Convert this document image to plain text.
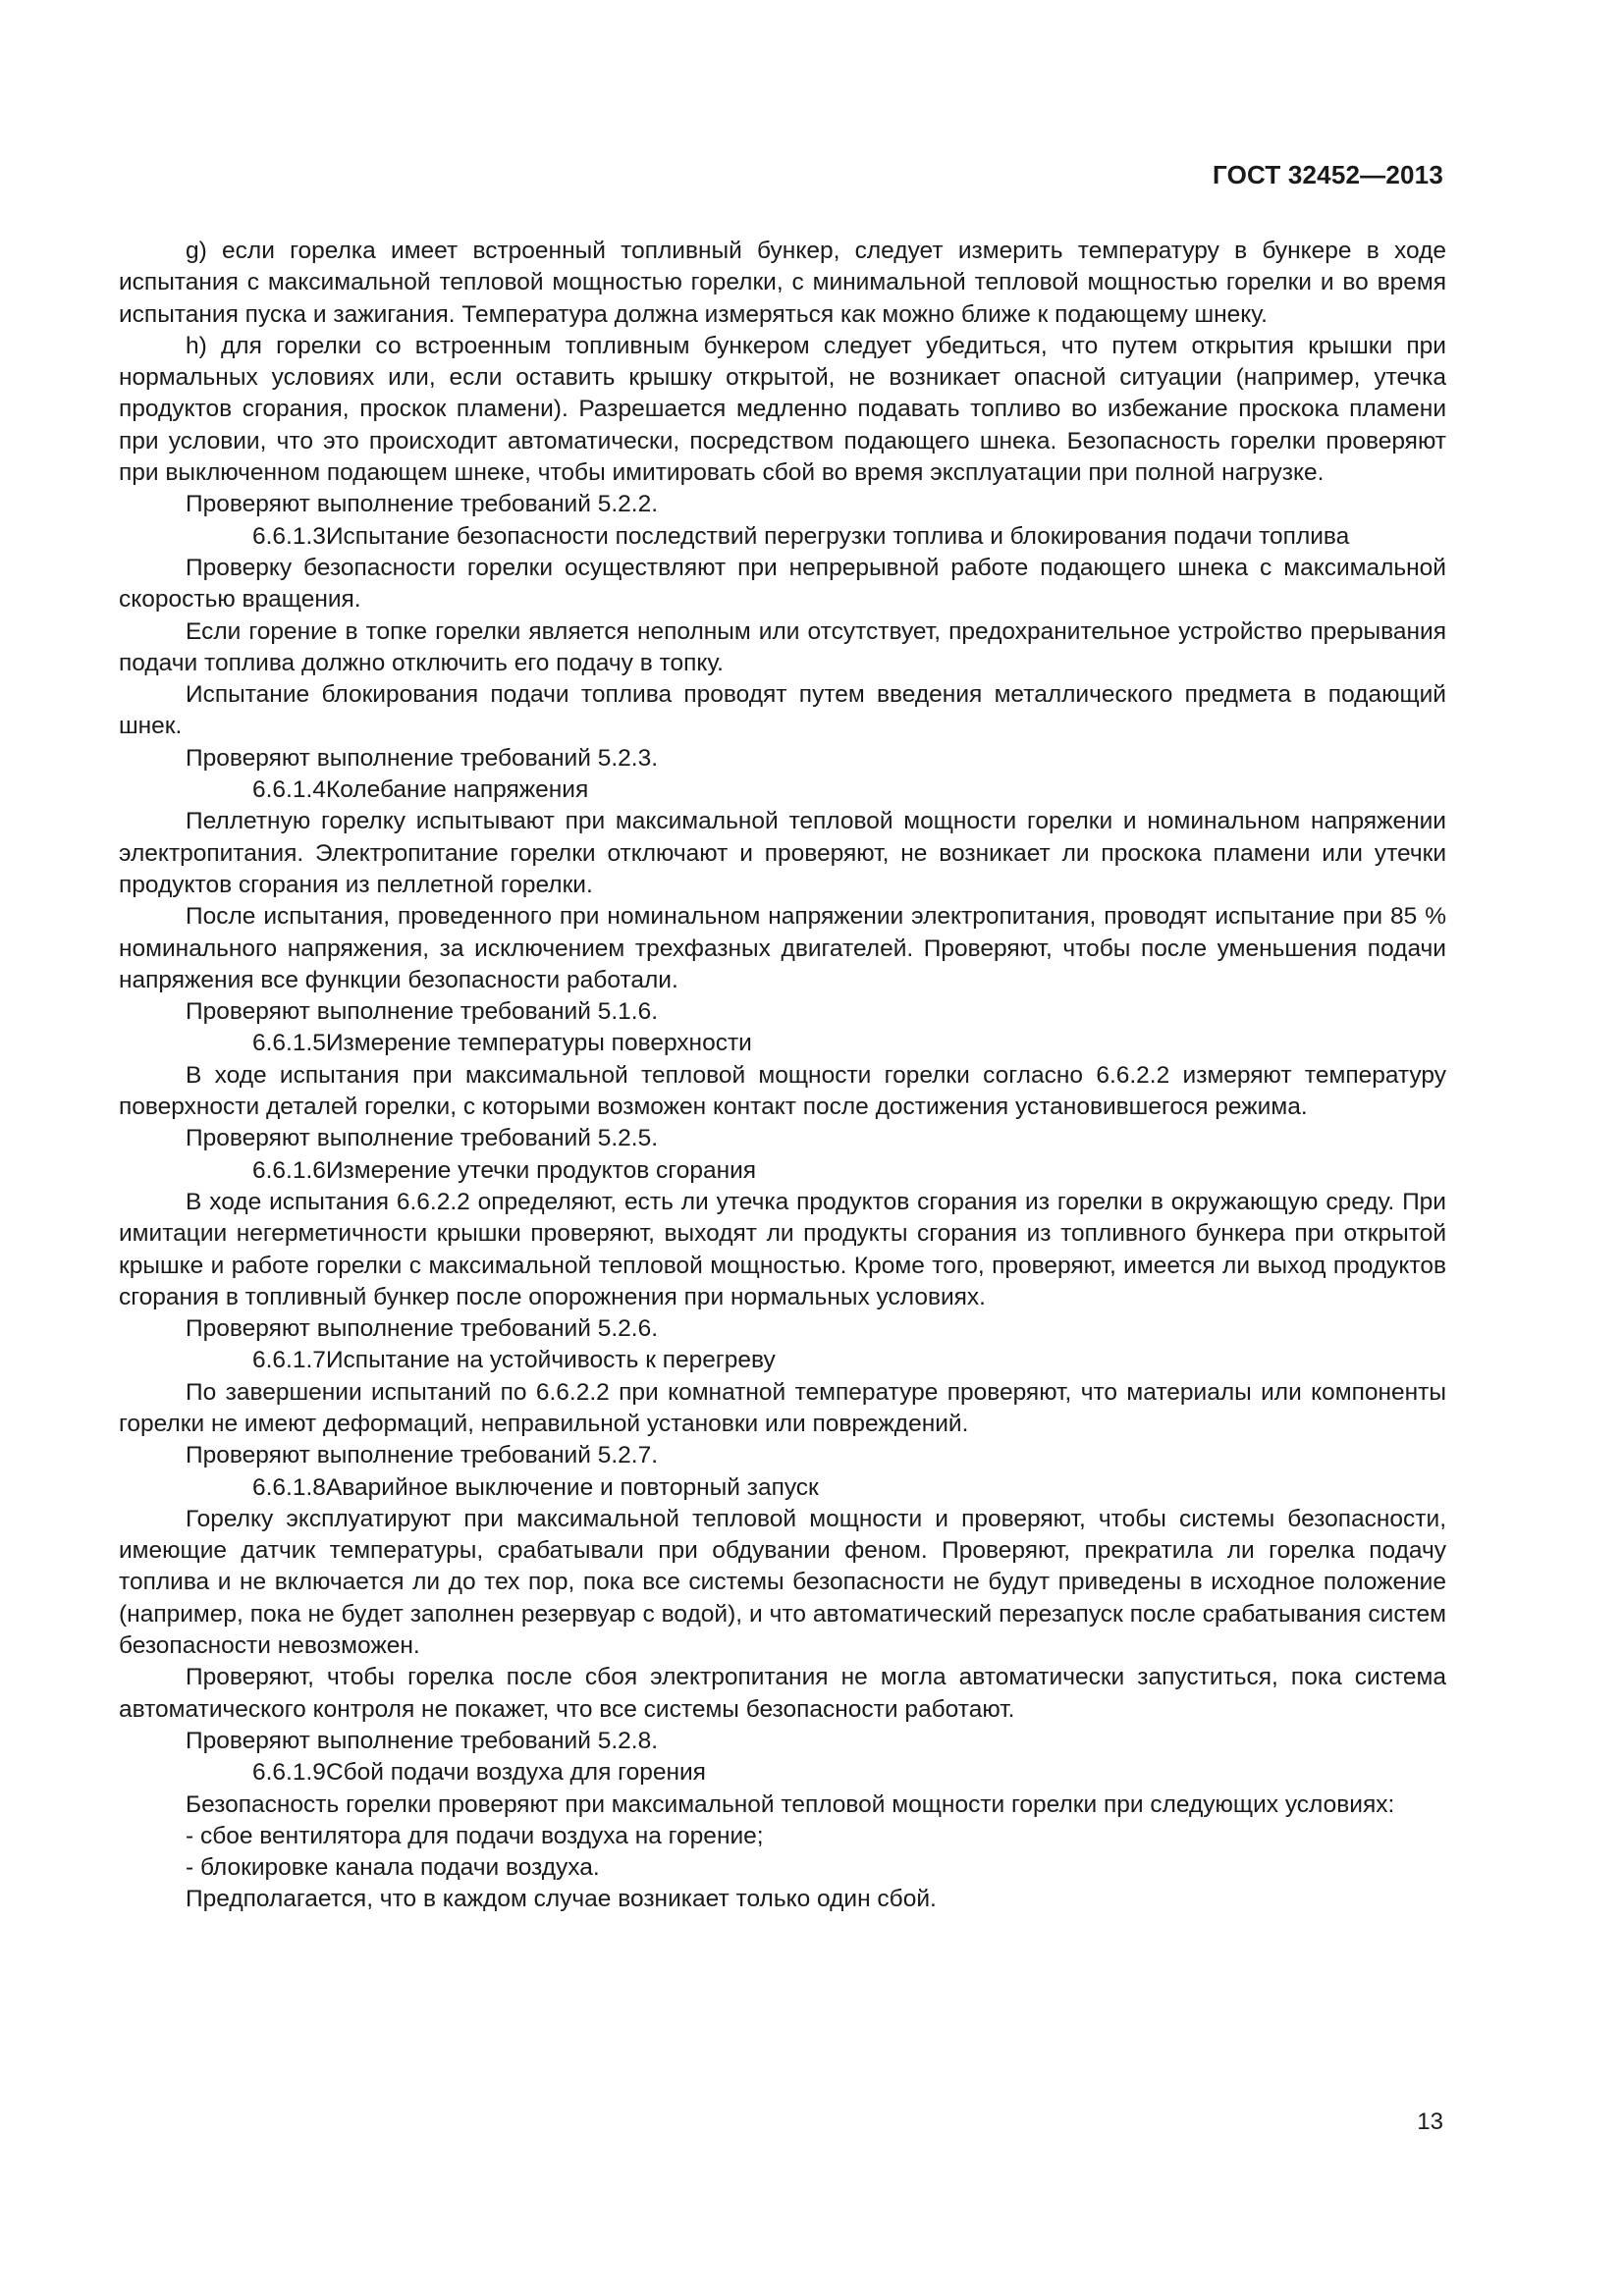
ГОСТ 32452—2013

g) если горелка имеет встроенный топливный бункер, следует измерить температуру в бункере в ходе испытания с максимальной тепловой мощностью горелки, с минимальной тепловой мощностью горелки и во время испытания пуска и зажигания. Температура должна измеряться как можно ближе к подающему шнеку.

h) для горелки со встроенным топливным бункером следует убедиться, что путем открытия крышки при нормальных условиях или, если оставить крышку открытой, не возникает опасной ситуации (например, утечка продуктов сгорания, проскок пламени). Разрешается медленно подавать топливо во избежание проскока пламени при условии, что это происходит автоматически, посредством подающего шнека. Безопасность горелки проверяют при выключенном подающем шнеке, чтобы имитировать сбой во время эксплуатации при полной нагрузке.

Проверяют выполнение требований 5.2.2.

6.6.1.3Испытание безопасности последствий перегрузки топлива и блокирования подачи топлива

Проверку безопасности горелки осуществляют при непрерывной работе подающего шнека с максимальной скоростью вращения.

Если горение в топке горелки является неполным или отсутствует, предохранительное устройство прерывания подачи топлива должно отключить его подачу в топку.

Испытание блокирования подачи топлива проводят путем введения металлического предмета в подающий шнек.

Проверяют выполнение требований 5.2.3.

6.6.1.4Колебание напряжения

Пеллетную горелку испытывают при максимальной тепловой мощности горелки и номинальном напряжении электропитания. Электропитание горелки отключают и проверяют, не возникает ли проскока пламени или утечки продуктов сгорания из пеллетной горелки.

После испытания, проведенного при номинальном напряжении электропитания, проводят испытание при 85 % номинального напряжения, за исключением трехфазных двигателей. Проверяют, чтобы после уменьшения подачи напряжения все функции безопасности работали.

Проверяют выполнение требований 5.1.6.

6.6.1.5Измерение температуры поверхности

В ходе испытания при максимальной тепловой мощности горелки согласно 6.6.2.2 измеряют температуру поверхности деталей горелки, с которыми возможен контакт после достижения установившегося режима.

Проверяют выполнение требований 5.2.5.

6.6.1.6Измерение утечки продуктов сгорания

В ходе испытания 6.6.2.2 определяют, есть ли утечка продуктов сгорания из горелки в окружающую среду. При имитации негерметичности крышки проверяют, выходят ли продукты сгорания из топливного бункера при открытой крышке и работе горелки с максимальной тепловой мощностью. Кроме того, проверяют, имеется ли выход продуктов сгорания в топливный бункер после опорожнения при нормальных условиях.

Проверяют выполнение требований 5.2.6.

6.6.1.7Испытание на устойчивость к перегреву

По завершении испытаний по 6.6.2.2 при комнатной температуре проверяют, что материалы или компоненты горелки не имеют деформаций, неправильной установки или повреждений.

Проверяют выполнение требований 5.2.7.

6.6.1.8Аварийное выключение и повторный запуск

Горелку эксплуатируют при максимальной тепловой мощности и проверяют, чтобы системы безопасности, имеющие датчик температуры, срабатывали при обдувании феном. Проверяют, прекратила ли горелка подачу топлива и не включается ли до тех пор, пока все системы безопасности не будут приведены в исходное положение (например, пока не будет заполнен резервуар с водой), и что автоматический перезапуск после срабатывания систем безопасности невозможен.

Проверяют, чтобы горелка после сбоя электропитания не могла автоматически запуститься, пока система автоматического контроля не покажет, что все системы безопасности работают.

Проверяют выполнение требований 5.2.8.

6.6.1.9Сбой подачи воздуха для горения

Безопасность горелки проверяют при максимальной тепловой мощности горелки при следующих условиях:

- сбое вентилятора для подачи воздуха на горение;

- блокировке канала подачи воздуха.

Предполагается, что в каждом случае возникает только один сбой.

13
